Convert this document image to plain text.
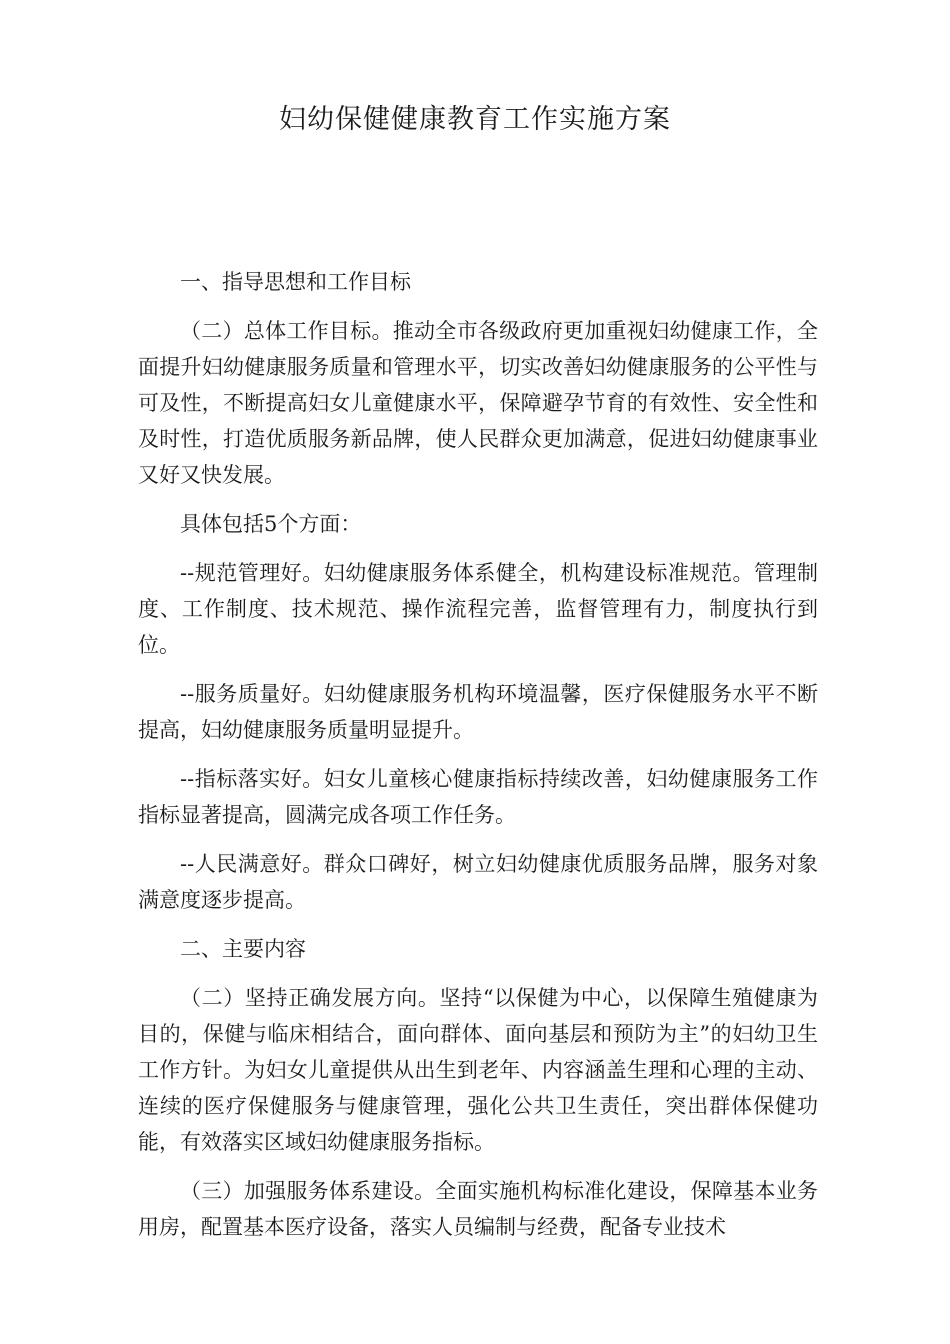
妇幼保健健康教育工作实施方案

一、指导思想和工作目标

（二）总体工作目标。推动全市各级政府更加重视妇幼健康工作，全面提升妇幼健康服务质量和管理水平，切实改善妇幼健康服务的公平性与可及性，不断提高妇女儿童健康水平，保障避孕节育的有效性、安全性和及时性，打造优质服务新品牌，使人民群众更加满意，促进妇幼健康事业又好又快发展。

具体包括5个方面：

--规范管理好。妇幼健康服务体系健全，机构建设标准规范。管理制度、工作制度、技术规范、操作流程完善，监督管理有力，制度执行到位。

--服务质量好。妇幼健康服务机构环境温馨，医疗保健服务水平不断提高，妇幼健康服务质量明显提升。

--指标落实好。妇女儿童核心健康指标持续改善，妇幼健康服务工作指标显著提高，圆满完成各项工作任务。

--人民满意好。群众口碑好，树立妇幼健康优质服务品牌，服务对象满意度逐步提高。

二、主要内容

（二）坚持正确发展方向。坚持“以保健为中心，以保障生殖健康为目的，保健与临床相结合，面向群体、面向基层和预防为主”的妇幼卫生工作方针。为妇女儿童提供从出生到老年、内容涵盖生理和心理的主动、连续的医疗保健服务与健康管理，强化公共卫生责任，突出群体保健功能，有效落实区域妇幼健康服务指标。

（三）加强服务体系建设。全面实施机构标准化建设，保障基本业务用房，配置基本医疗设备，落实人员编制与经费，配备专业技术
